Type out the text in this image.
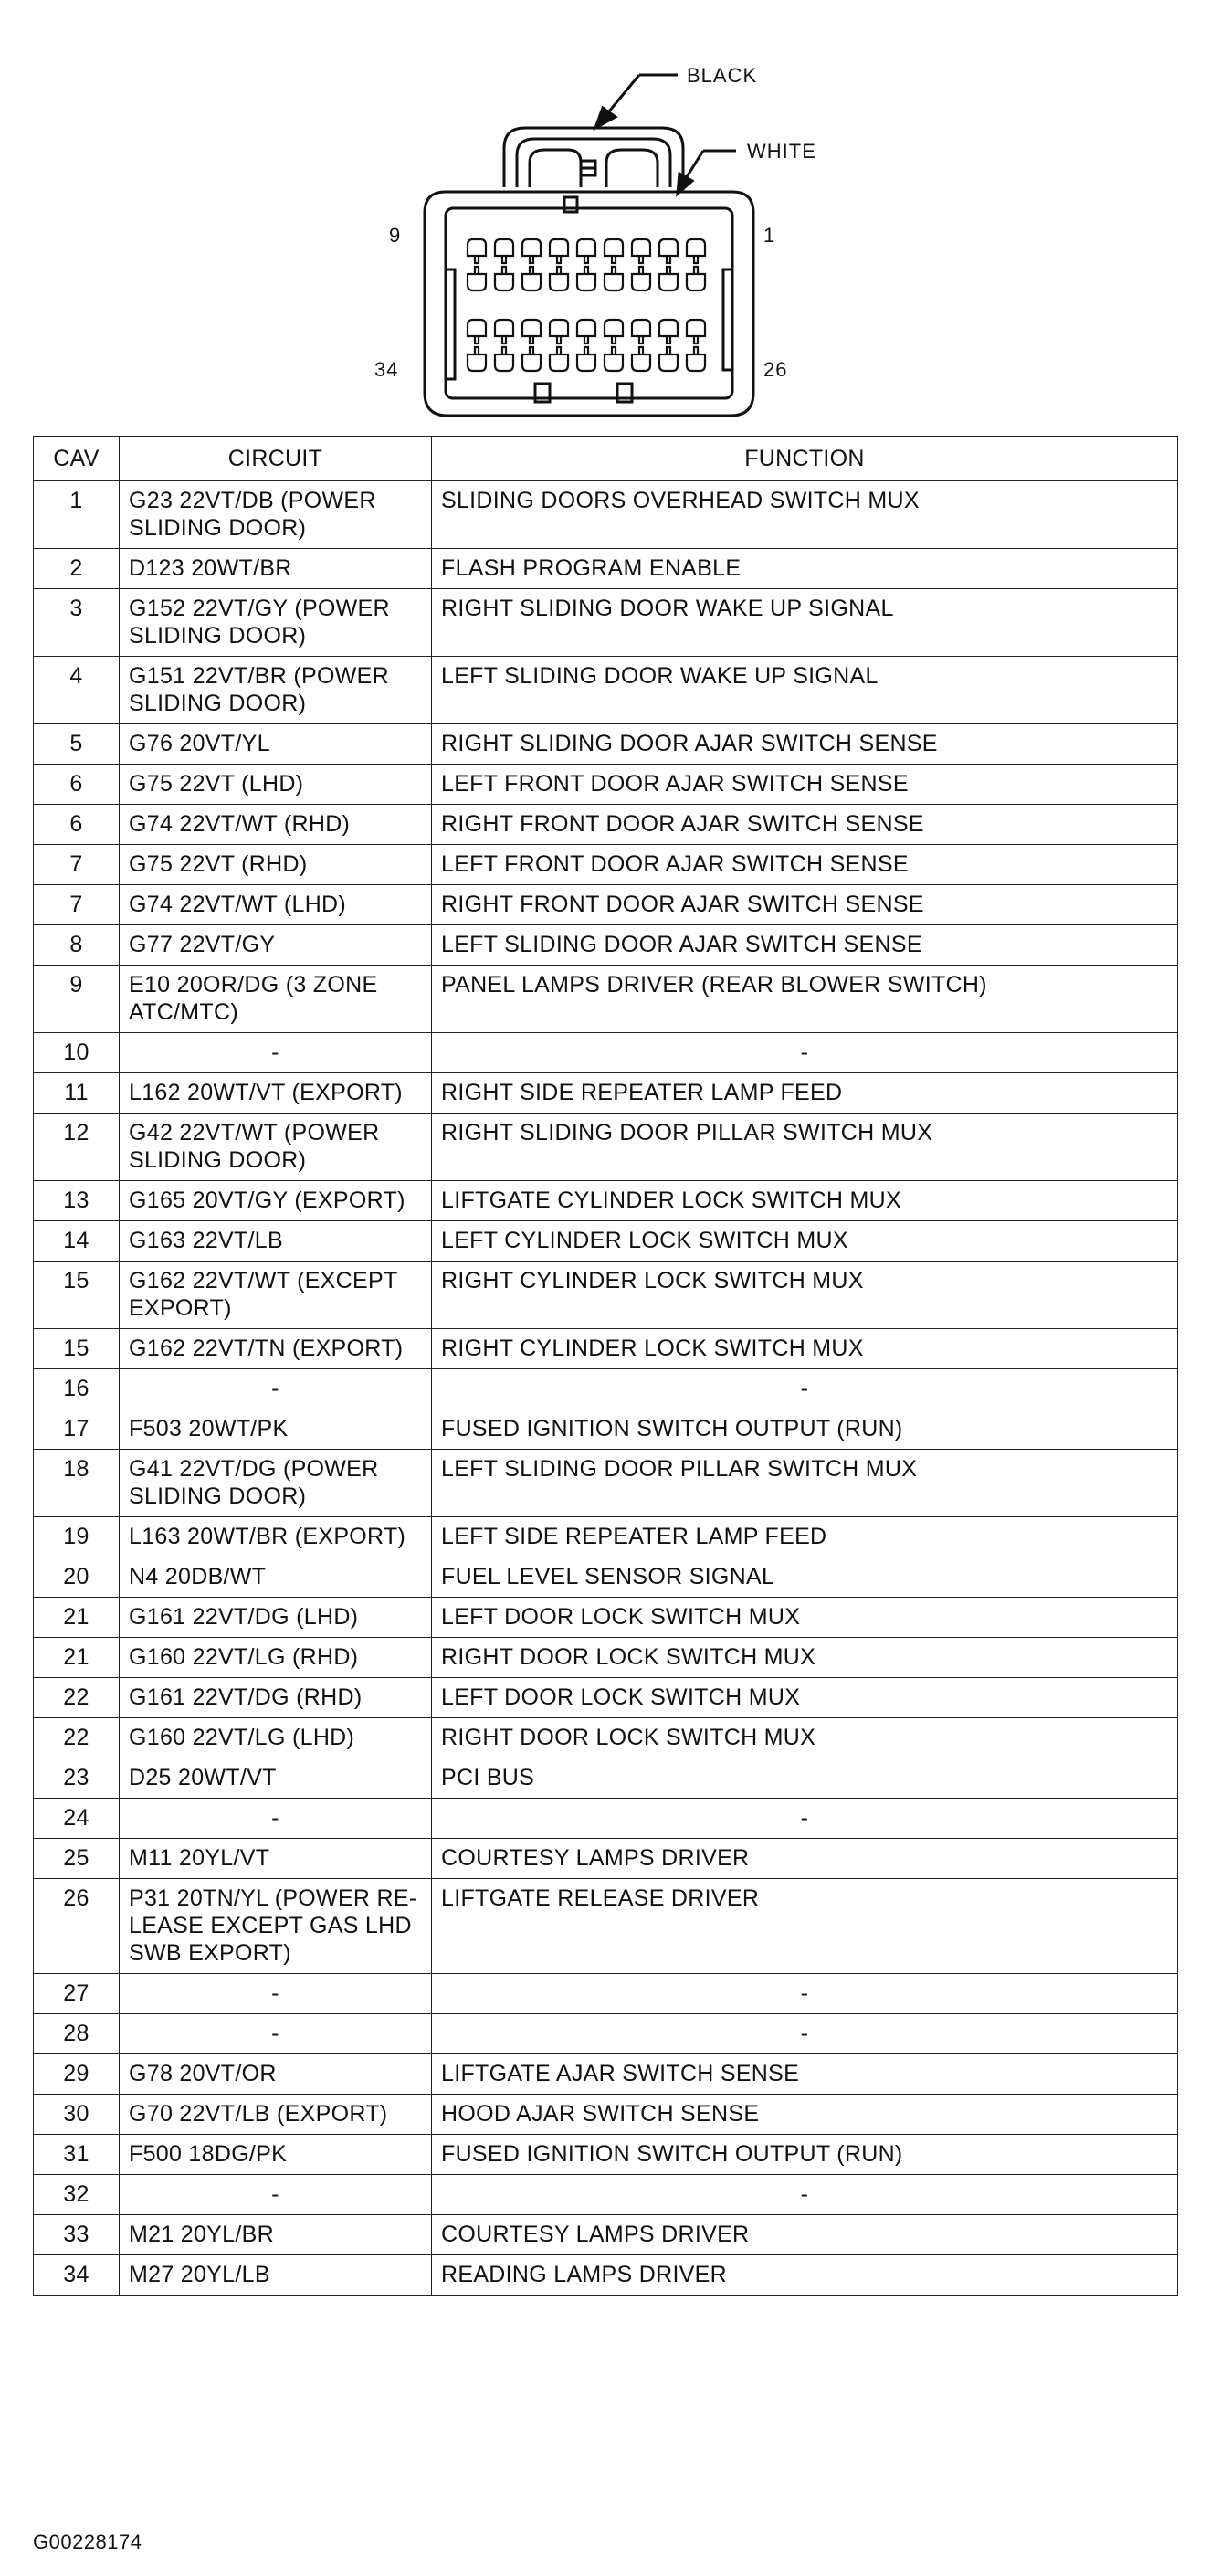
BLACK
WHITE
9	1
34	26
CAV	CIRCUIT	FUNCTION
1	G23 22VT/DB (POWER SLIDING DOOR)	SLIDING DOORS OVERHEAD SWITCH MUX
2	D123 20WT/BR	FLASH PROGRAM ENABLE
3	G152 22VT/GY (POWER SLIDING DOOR)	RIGHT SLIDING DOOR WAKE UP SIGNAL
4	G151 22VT/BR (POWER SLIDING DOOR)	LEFT SLIDING DOOR WAKE UP SIGNAL
5	G76 20VT/YL	RIGHT SLIDING DOOR AJAR SWITCH SENSE
6	G75 22VT (LHD)	LEFT FRONT DOOR AJAR SWITCH SENSE
6	G74 22VT/WT (RHD)	RIGHT FRONT DOOR AJAR SWITCH SENSE
7	G75 22VT (RHD)	LEFT FRONT DOOR AJAR SWITCH SENSE
7	G74 22VT/WT (LHD)	RIGHT FRONT DOOR AJAR SWITCH SENSE
8	G77 22VT/GY	LEFT SLIDING DOOR AJAR SWITCH SENSE
9	E10 20OR/DG (3 ZONE ATC/MTC)	PANEL LAMPS DRIVER (REAR BLOWER SWITCH)
10	-	-
11	L162 20WT/VT (EXPORT)	RIGHT SIDE REPEATER LAMP FEED
12	G42 22VT/WT (POWER SLIDING DOOR)	RIGHT SLIDING DOOR PILLAR SWITCH MUX
13	G165 20VT/GY (EXPORT)	LIFTGATE CYLINDER LOCK SWITCH MUX
14	G163 22VT/LB	LEFT CYLINDER LOCK SWITCH MUX
15	G162 22VT/WT (EXCEPT EXPORT)	RIGHT CYLINDER LOCK SWITCH MUX
15	G162 22VT/TN (EXPORT)	RIGHT CYLINDER LOCK SWITCH MUX
16	-	-
17	F503 20WT/PK	FUSED IGNITION SWITCH OUTPUT (RUN)
18	G41 22VT/DG (POWER SLIDING DOOR)	LEFT SLIDING DOOR PILLAR SWITCH MUX
19	L163 20WT/BR (EXPORT)	LEFT SIDE REPEATER LAMP FEED
20	N4 20DB/WT	FUEL LEVEL SENSOR SIGNAL
21	G161 22VT/DG (LHD)	LEFT DOOR LOCK SWITCH MUX
21	G160 22VT/LG (RHD)	RIGHT DOOR LOCK SWITCH MUX
22	G161 22VT/DG (RHD)	LEFT DOOR LOCK SWITCH MUX
22	G160 22VT/LG (LHD)	RIGHT DOOR LOCK SWITCH MUX
23	D25 20WT/VT	PCI BUS
24	-	-
25	M11 20YL/VT	COURTESY LAMPS DRIVER
26	P31 20TN/YL (POWER RE-LEASE EXCEPT GAS LHD SWB EXPORT)	LIFTGATE RELEASE DRIVER
27	-	-
28	-	-
29	G78 20VT/OR	LIFTGATE AJAR SWITCH SENSE
30	G70 22VT/LB (EXPORT)	HOOD AJAR SWITCH SENSE
31	F500 18DG/PK	FUSED IGNITION SWITCH OUTPUT (RUN)
32	-	-
33	M21 20YL/BR	COURTESY LAMPS DRIVER
34	M27 20YL/LB	READING LAMPS DRIVER
G00228174
